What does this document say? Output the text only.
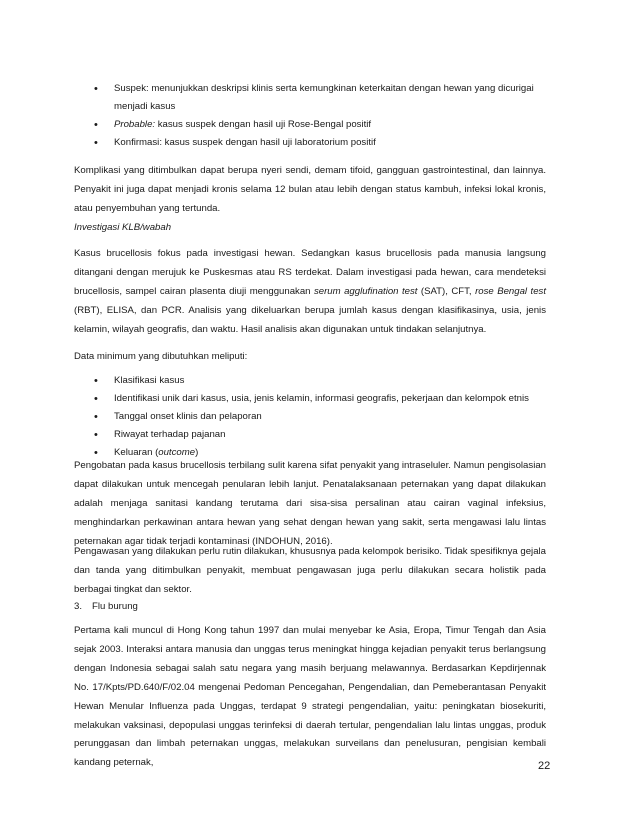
• Suspek: menunjukkan deskripsi klinis serta kemungkinan keterkaitan dengan hewan yang dicurigai menjadi kasus
• Probable: kasus suspek dengan hasil uji Rose-Bengal positif
• Konfirmasi: kasus suspek dengan hasil uji laboratorium positif

Komplikasi yang ditimbulkan dapat berupa nyeri sendi, demam tifoid, gangguan gastrointestinal, dan lainnya. Penyakit ini juga dapat menjadi kronis selama 12 bulan atau lebih dengan status kambuh, infeksi lokal kronis, atau penyembuhan yang tertunda.

Investigasi KLB/wabah

Kasus brucellosis fokus pada investigasi hewan. Sedangkan kasus brucellosis pada manusia langsung ditangani dengan merujuk ke Puskesmas atau RS terdekat. Dalam investigasi pada hewan, cara mendeteksi brucellosis, sampel cairan plasenta diuji menggunakan serum agglufination test (SAT), CFT, rose Bengal test (RBT), ELISA, dan PCR. Analisis yang dikeluarkan berupa jumlah kasus dengan klasifikasinya, usia, jenis kelamin, wilayah geografis, dan waktu. Hasil analisis akan digunakan untuk tindakan selanjutnya.

Data minimum yang dibutuhkan meliputi:

• Klasifikasi kasus
• Identifikasi unik dari kasus, usia, jenis kelamin, informasi geografis, pekerjaan dan kelompok etnis
• Tanggal onset klinis dan pelaporan
• Riwayat terhadap pajanan
• Keluaran (outcome)

Pengobatan pada kasus brucellosis terbilang sulit karena sifat penyakit yang intraseluler. Namun pengisolasian dapat dilakukan untuk mencegah penularan lebih lanjut. Penatalaksanaan peternakan yang dapat dilakukan adalah menjaga sanitasi kandang terutama dari sisa-sisa persalinan atau cairan vaginal infeksius, menghindarkan perkawinan antara hewan yang sehat dengan hewan yang sakit, serta mengawasi lalu lintas peternakan agar tidak terjadi kontaminasi (INDOHUN, 2016).

Pengawasan yang dilakukan perlu rutin dilakukan, khususnya pada kelompok berisiko. Tidak spesifiknya gejala dan tanda yang ditimbulkan penyakit, membuat pengawasan juga perlu dilakukan secara holistik pada berbagai tingkat dan sektor.

3. Flu burung

Pertama kali muncul di Hong Kong tahun 1997 dan mulai menyebar ke Asia, Eropa, Timur Tengah dan Asia sejak 2003. Interaksi antara manusia dan unggas terus meningkat hingga kejadian penyakit terus berlangsung dengan Indonesia sebagai salah satu negara yang masih berjuang melawannya. Berdasarkan Kepdirjennak No. 17/Kpts/PD.640/F/02.04 mengenai Pedoman Pencegahan, Pengendalian, dan Pemeberantasan Penyakit Hewan Menular Influenza pada Unggas, terdapat 9 strategi pengendalian, yaitu: peningkatan biosekuriti, melakukan vaksinasi, depopulasi unggas terinfeksi di daerah tertular, pengendalian lalu lintas unggas, produk perunggasan dan limbah peternakan unggas, melakukan surveilans dan penelusuran, pengisian kembali kandang peternak,	22
